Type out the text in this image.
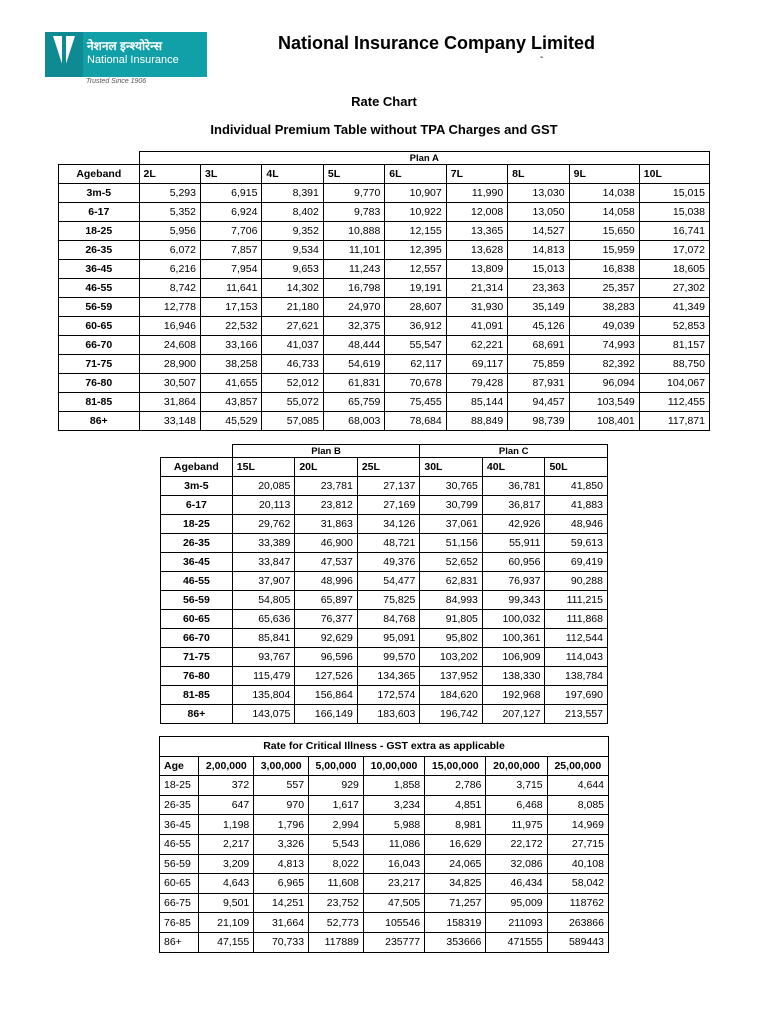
नेशनल इन्श्योरेन्स
National Insurance
Trusted Since 1906
National Insurance Company Limited
-
Rate Chart
Individual Premium Table without TPA Charges and GST
	Plan A								
Ageband	2L	3L	4L	5L	6L	7L	8L	9L	10L
3m-5	5,293	6,915	8,391	9,770	10,907	11,990	13,030	14,038	15,015
6-17	5,352	6,924	8,402	9,783	10,922	12,008	13,050	14,058	15,038
18-25	5,956	7,706	9,352	10,888	12,155	13,365	14,527	15,650	16,741
26-35	6,072	7,857	9,534	11,101	12,395	13,628	14,813	15,959	17,072
36-45	6,216	7,954	9,653	11,243	12,557	13,809	15,013	16,838	18,605
46-55	8,742	11,641	14,302	16,798	19,191	21,314	23,363	25,357	27,302
56-59	12,778	17,153	21,180	24,970	28,607	31,930	35,149	38,283	41,349
60-65	16,946	22,532	27,621	32,375	36,912	41,091	45,126	49,039	52,853
66-70	24,608	33,166	41,037	48,444	55,547	62,221	68,691	74,993	81,157
71-75	28,900	38,258	46,733	54,619	62,117	69,117	75,859	82,392	88,750
76-80	30,507	41,655	52,012	61,831	70,678	79,428	87,931	96,094	104,067
81-85	31,864	43,857	55,072	65,759	75,455	85,144	94,457	103,549	112,455
86+	33,148	45,529	57,085	68,003	78,684	88,849	98,739	108,401	117,871
	Plan B			Plan C		
Ageband	15L	20L	25L	30L	40L	50L
3m-5	20,085	23,781	27,137	30,765	36,781	41,850
6-17	20,113	23,812	27,169	30,799	36,817	41,883
18-25	29,762	31,863	34,126	37,061	42,926	48,946
26-35	33,389	46,900	48,721	51,156	55,911	59,613
36-45	33,847	47,537	49,376	52,652	60,956	69,419
46-55	37,907	48,996	54,477	62,831	76,937	90,288
56-59	54,805	65,897	75,825	84,993	99,343	111,215
60-65	65,636	76,377	84,768	91,805	100,032	111,868
66-70	85,841	92,629	95,091	95,802	100,361	112,544
71-75	93,767	96,596	99,570	103,202	106,909	114,043
76-80	115,479	127,526	134,365	137,952	138,330	138,784
81-85	135,804	156,864	172,574	184,620	192,968	197,690
86+	143,075	166,149	183,603	196,742	207,127	213,557
Rate for Critical Illness - GST extra as applicable							
Age	2,00,000	3,00,000	5,00,000	10,00,000	15,00,000	20,00,000	25,00,000
18-25	372	557	929	1,858	2,786	3,715	4,644
26-35	647	970	1,617	3,234	4,851	6,468	8,085
36-45	1,198	1,796	2,994	5,988	8,981	11,975	14,969
46-55	2,217	3,326	5,543	11,086	16,629	22,172	27,715
56-59	3,209	4,813	8,022	16,043	24,065	32,086	40,108
60-65	4,643	6,965	11,608	23,217	34,825	46,434	58,042
66-75	9,501	14,251	23,752	47,505	71,257	95,009	118762
76-85	21,109	31,664	52,773	105546	158319	211093	263866
86+	47,155	70,733	117889	235777	353666	471555	589443
